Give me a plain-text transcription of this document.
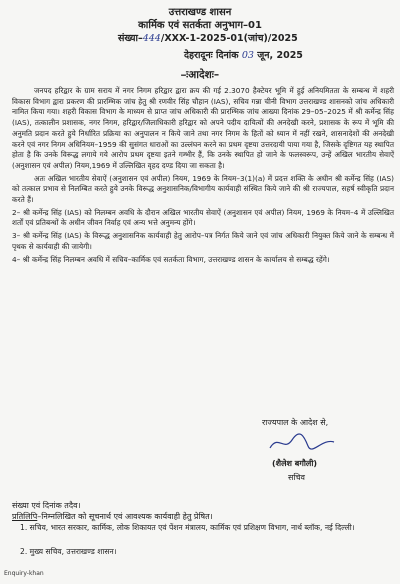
उत्तराखण्ड शासन
कार्मिक एवं सतर्कता अनुभाग–01
संख्या–444/XXX-1-2025-01(जांच)/2025
देहरादूनः दिनांक 03 जून, 2025
–ःआदेशः–

जनपद हरिद्वार के ग्राम सराय में नगर निगम हरिद्वार द्वारा क्रय की गई 2.3070 हैक्टेयर भूमि में हुई अनियमितता के सम्बन्ध में शहरी विकास विभाग द्वारा प्रकरण की प्रारम्भिक जांच हेतु श्री रणवीर सिंह चौहान (IAS), सचिव गन्ना चीनी विभाग उत्तराखण्ड शासनको जांच अधिकारी नामित किया गया। शहरी विकास विभाग के माध्यम से प्राप्त जांच अधिकारी की प्रारम्भिक जांच आख्या दिनांक 29–05–2025 में श्री कर्मेन्द्र सिंह (IAS), तत्कालीन प्रशासक, नगर निगम, हरिद्वार/जिलाधिकारी हरिद्वार को अपने पदीय दायित्वों की अनदेखी करने, प्रशासक के रूप में भूमि की अनुमति प्रदान करते हुये निर्धारित प्रक्रिया का अनुपालन न किये जाने तथा नगर निगम के हितों को ध्यान में नहीं रखने, शासनादेशों की अनदेखी करने एवं नगर निगम अधिनियम–1959 की सुसंगत धाराओं का उल्लंघन करने का प्रथम दृष्टया उत्तरदायी पाया गया है, जिसके दृष्टिगत यह स्थापित होता है कि उनके विरूद्ध लगाये गये आरोप प्रथम दृष्टया इतने गम्भीर हैं, कि उनके स्थापित हो जाने के फलस्वरूप, उन्हें अखिल भारतीय सेवाऐं (अनुशासन एवं अपील) नियम,1969 में उल्लिखित वृहद दण्ड दिया जा सकता है।

अतः अखिल भारतीय सेवाऐं (अनुशासन एवं अपील) नियम, 1969 के नियम–3(1)(a) में प्रदत्त शक्ति के अधीन श्री कर्मेन्द्र सिंह (IAS) को तत्काल प्रभाव से निलम्बित करते हुये उनके विरूद्ध अनुशासनिक/विभागीय कार्यवाही संस्थित किये जाने की श्री राज्यपाल, सहर्ष स्वीकृति प्रदान करते हैं।

2– श्री कर्मेन्द्र सिंह (IAS) को निलम्बन अवधि के दौरान अखिल भारतीय सेवाऐं (अनुशासन एवं अपील) नियम, 1969 के नियम–4 में उल्लिखित शर्तों एवं प्रतिबन्धों के अधीन जीवन निर्वाह एवं अन्य भत्ते अनुमन्य होंगे।

3– श्री कर्मेन्द्र सिंह (IAS) के विरूद्ध अनुशासनिक कार्यवाही हेतु आरोप–पत्र निर्गत किये जाने एवं जांच अधिकारी नियुक्त किये जाने के सम्बन्ध में पृथक से कार्यवाही की जायेगी।

4– श्री कर्मेन्द्र सिंह निलम्बन अवधि में सचिव–कार्मिक एवं सतर्कता विभाग, उत्तराखण्ड शासन के कार्यालय से सम्बद्ध रहेंगे।

राज्यपाल के आदेश से,
(शैलेश बगौली)
सचिव
संख्या एवं दिनांक तदैव।
प्रतिलिपि–निम्नलिखित को सूचनार्थ एवं आवश्यक कार्यवाही हेतु प्रेषित।
1. सचिव, भारत सरकार, कार्मिक, लोक शिकायत एवं पेंशन मंत्रालय, कार्मिक एवं प्रशिक्षण विभाग, नार्थ ब्लॉक, नई दिल्ली।
2. मुख्य सचिव, उत्तराखण्ड शासन।
Enquiry-khan
